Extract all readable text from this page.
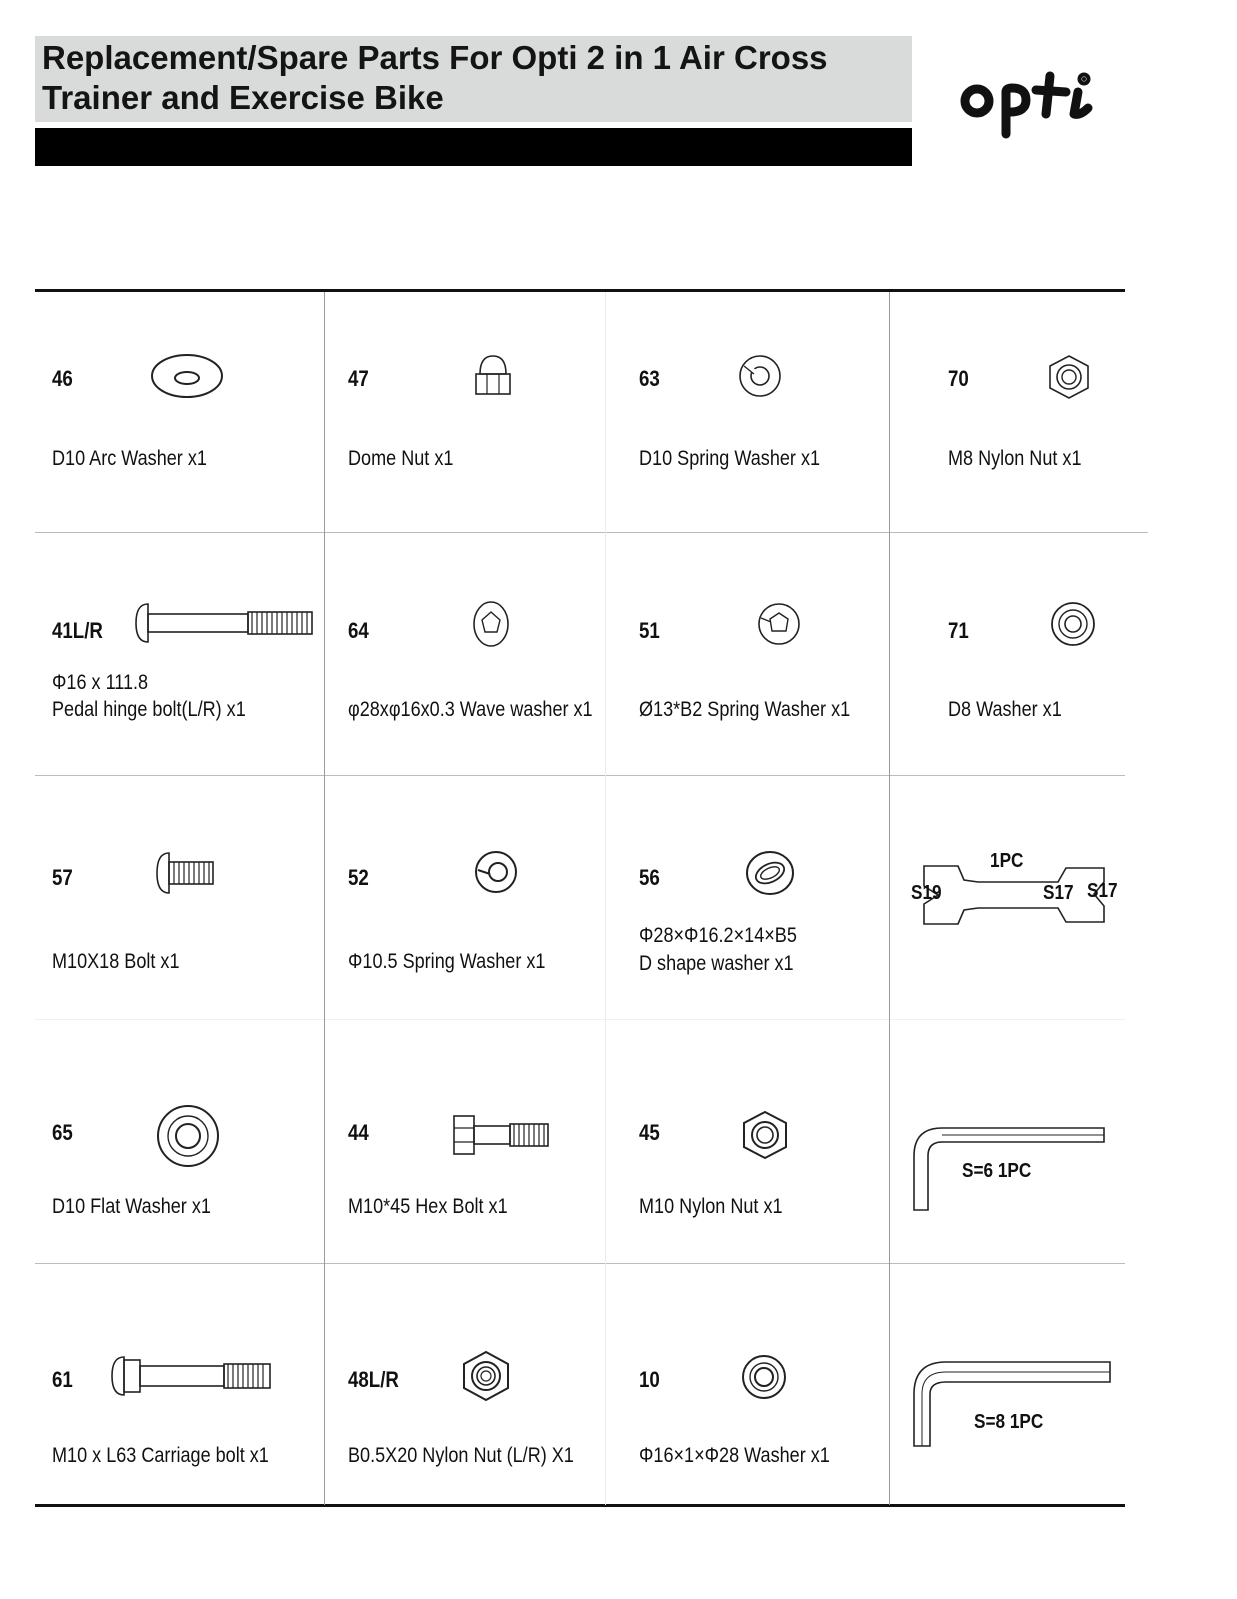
Replacement/Spare Parts For Opti 2 in 1 Air Cross
Trainer and Exercise Bike
46
D10 Arc Washer x1
47
Dome Nut x1
63
D10 Spring Washer x1
70
M8 Nylon Nut x1
41L/R
Φ16 x 111.8
Pedal hinge bolt(L/R) x1
64
φ28xφ16x0.3 Wave washer x1
51
Ø13*B2 Spring Washer x1
71
D8 Washer x1
57
M10X18 Bolt x1
52
Φ10.5 Spring Washer x1
56
Φ28×Φ16.2×14×B5
D shape washer x1
1PC
S19	S17 S17
65
D10 Flat Washer x1
44
M10*45 Hex Bolt x1
45
M10 Nylon Nut x1
S=6 1PC
61
M10 x L63 Carriage bolt x1
48L/R
B0.5X20 Nylon Nut (L/R) X1
10
Φ16×1×Φ28 Washer x1
S=8 1PC
